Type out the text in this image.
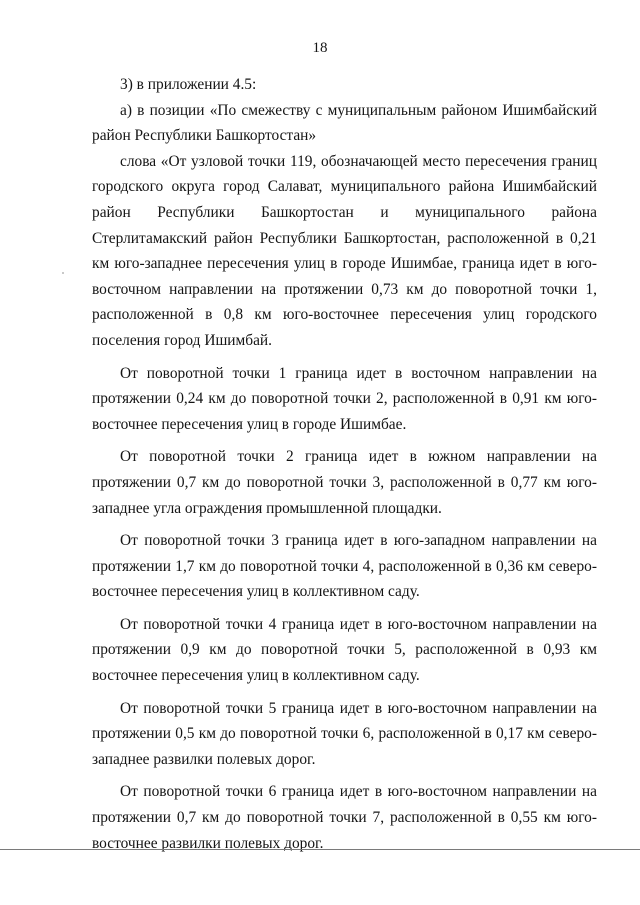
18

3) в приложении 4.5:

а) в позиции «По смежеству с муниципальным районом Ишимбайский район Республики Башкортостан»

слова «От узловой точки 119, обозначающей место пересечения границ городского округа город Салават, муниципального района Ишимбайский район Республики Башкортостан и муниципального района Стерлитамакский район Республики Башкортостан, расположенной в 0,21 км юго-западнее пересечения улиц в городе Ишимбае, граница идет в юго-восточном направлении на протяжении 0,73 км до поворотной точки 1, расположенной в 0,8 км юго-восточнее пересечения улиц городского поселения город Ишимбай.

От поворотной точки 1 граница идет в восточном направлении на протяжении 0,24 км до поворотной точки 2, расположенной в 0,91 км юго-восточнее пересечения улиц в городе Ишимбае.

От поворотной точки 2 граница идет в южном направлении на протяжении 0,7 км до поворотной точки 3, расположенной в 0,77 км юго-западнее угла ограждения промышленной площадки.

От поворотной точки 3 граница идет в юго-западном направлении на протяжении 1,7 км до поворотной точки 4, расположенной в 0,36 км северо-восточнее пересечения улиц в коллективном саду.

От поворотной точки 4 граница идет в юго-восточном направлении на протяжении 0,9 км до поворотной точки 5, расположенной в 0,93 км восточнее пересечения улиц в коллективном саду.

От поворотной точки 5 граница идет в юго-восточном направлении на протяжении 0,5 км до поворотной точки 6, расположенной в 0,17 км северо-западнее развилки полевых дорог.

От поворотной точки 6 граница идет в юго-восточном направлении на протяжении 0,7 км до поворотной точки 7, расположенной в 0,55 км юго-восточнее развилки полевых дорог.
